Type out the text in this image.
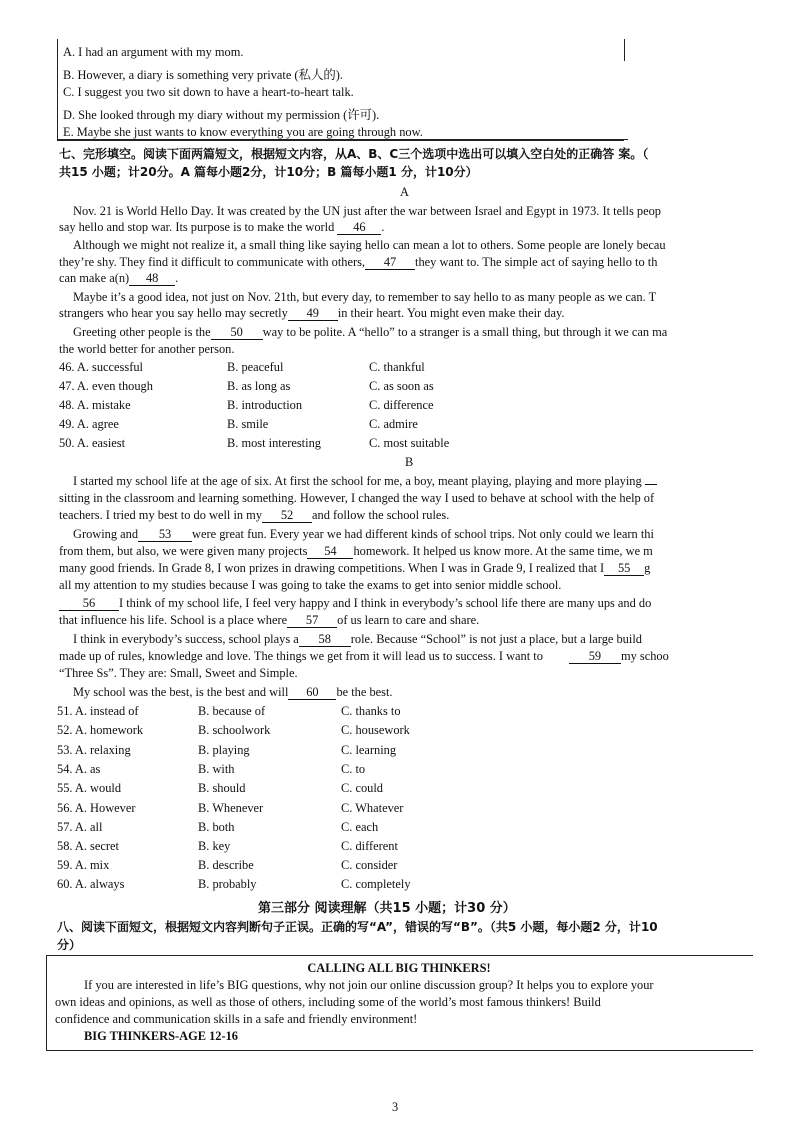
A. I had an argument with my mom.
B. However, a diary is something very private (私人的).
C. I suggest you two sit down to have a heart-to-heart talk.
D. She looked through my diary without my permission (许可).
E. Maybe she just wants to know everything you are going through now.
七、完形填空。阅读下面两篇短文，根据短文内容，从A、B、C三个选项中选出可以填入空白处的正确答 案。（
共15 小题；计20分。A 篇每小题2分，计10分；B 篇每小题1 分，计10分）
A
Nov. 21 is World Hello Day. It was created by the UN just after the war between Israel and Egypt in 1973. It tells peop
say hello and stop war. Its purpose is to make the world 46 .
Although we might not realize it, a small thing like saying hello can mean a lot to others. Some people are lonely becau
they’re shy. They find it difficult to communicate with others, 47 they want to. The simple act of saying hello to th
can make a(n) 48 .
Maybe it’s a good idea, not just on Nov. 21th, but every day, to remember to say hello to as many people as we can. T
strangers who hear you say hello may secretly 49 in their heart. You might even make their day.
Greeting other people is the 50 way to be polite. A “hello” to a stranger is a small thing, but through it we can ma
the world better for another person.
46. A. successful	B. peaceful	C. thankful
47. A. even though	B. as long as	C. as soon as
48. A. mistake	B. introduction	C. difference
49. A. agree	B. smile	C. admire
50. A. easiest	B. most interesting	C. most suitable
B
I started my school life at the age of six. At first the school for me, a boy, meant playing, playing and more playing
sitting in the classroom and learning something. However, I changed the way I used to behave at school with the help of
teachers. I tried my best to do well in my 52 and follow the school rules.
Growing and 53 were great fun. Every year we had different kinds of school trips. Not only could we learn thi
from them, but also, we were given many projects 54 homework. It helped us know more. At the same time, we m
many good friends. In Grade 8, I won prizes in drawing competitions. When I was in Grade 9, I realized that I 55 g
all my attention to my studies because I was going to take the exams to get into senior middle school.
56 I think of my school life, I feel very happy and I think in everybody’s school life there are many ups and do
that influence his life. School is a place where 57 of us learn to care and share.
I think in everybody’s success, school plays a 58 role. Because “School” is not just a place, but a large build
made up of rules, knowledge and love. The things we get from it will lead us to success. I want to	59 my schoo
“Three Ss”. They are: Small, Sweet and Simple.
My school was the best, is the best and will 60 be the best.
51. A. instead of	B. because of	C. thanks to
52. A. homework	B. schoolwork	C. housework
53. A. relaxing	B. playing	C. learning
54. A. as	B. with	C. to
55. A. would	B. should	C. could
56. A. However	B. Whenever	C. Whatever
57. A. all	B. both	C. each
58. A. secret	B. key	C. different
59. A. mix	B. describe	C. consider
60. A. always	B. probably	C. completely
第三部分 阅读理解（共15 小题；计30 分）
八、阅读下面短文，根据短文内容判断句子正误。正确的写“A”，错误的写“B”。（共5 小题，每小题2 分，计10
分）
CALLING ALL BIG THINKERS!
If you are interested in life’s BIG questions, why not join our online discussion group? It helps you to explore your
own ideas and opinions, as well as those of others, including some of the world’s most famous thinkers! Build
confidence and communication skills in a safe and friendly environment!
BIG THINKERS-AGE 12-16
3
